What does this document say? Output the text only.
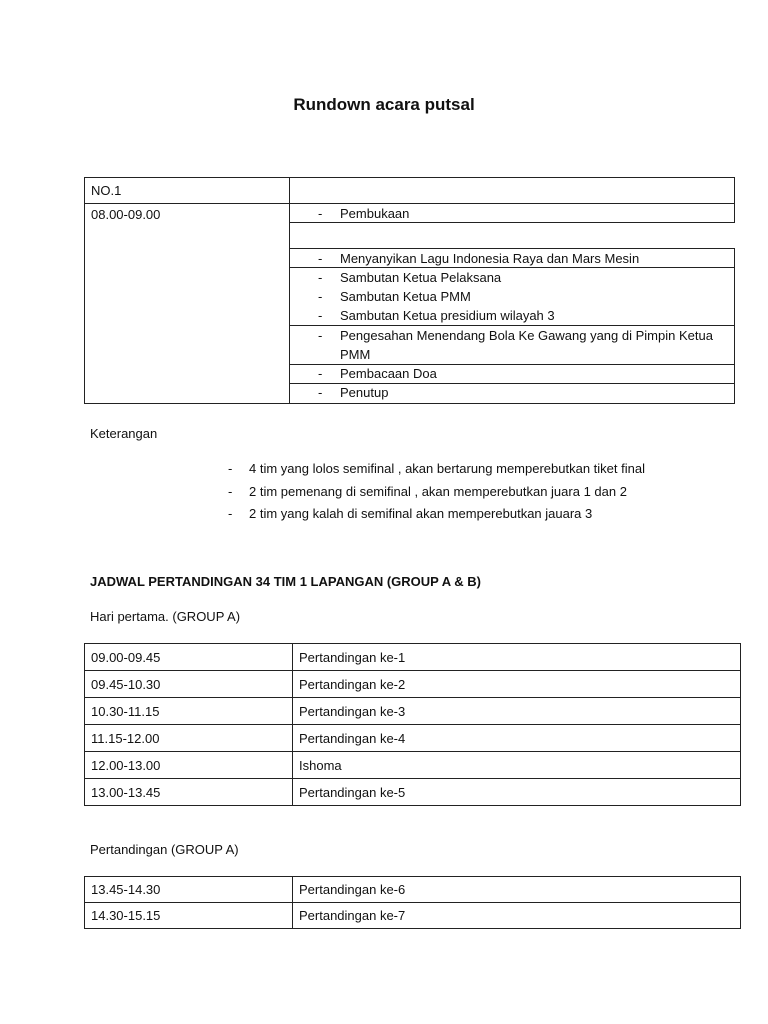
Rundown acara putsal
NO.1
08.00-09.00	- Pembukaan
- Menyanyikan Lagu Indonesia Raya dan Mars Mesin
- Sambutan Ketua Pelaksana
- Sambutan Ketua PMM
- Sambutan Ketua presidium wilayah 3
- Pengesahan Menendang Bola Ke Gawang yang di Pimpin Ketua
PMM
- Pembacaan Doa
- Penutup
Keterangan
- 4 tim yang lolos semifinal , akan bertarung memperebutkan tiket final
- 2 tim pemenang di semifinal , akan memperebutkan juara 1 dan 2
- 2 tim yang kalah di semifinal akan memperebutkan jauara 3
JADWAL PERTANDINGAN 34 TIM 1 LAPANGAN (GROUP A & B)
Hari pertama. (GROUP A)
09.00-09.45	Pertandingan ke-1
09.45-10.30	Pertandingan ke-2
10.30-11.15	Pertandingan ke-3
11.15-12.00	Pertandingan ke-4
12.00-13.00	Ishoma
13.00-13.45	Pertandingan ke-5
Pertandingan (GROUP A)
13.45-14.30	Pertandingan ke-6
14.30-15.15	Pertandingan ke-7
